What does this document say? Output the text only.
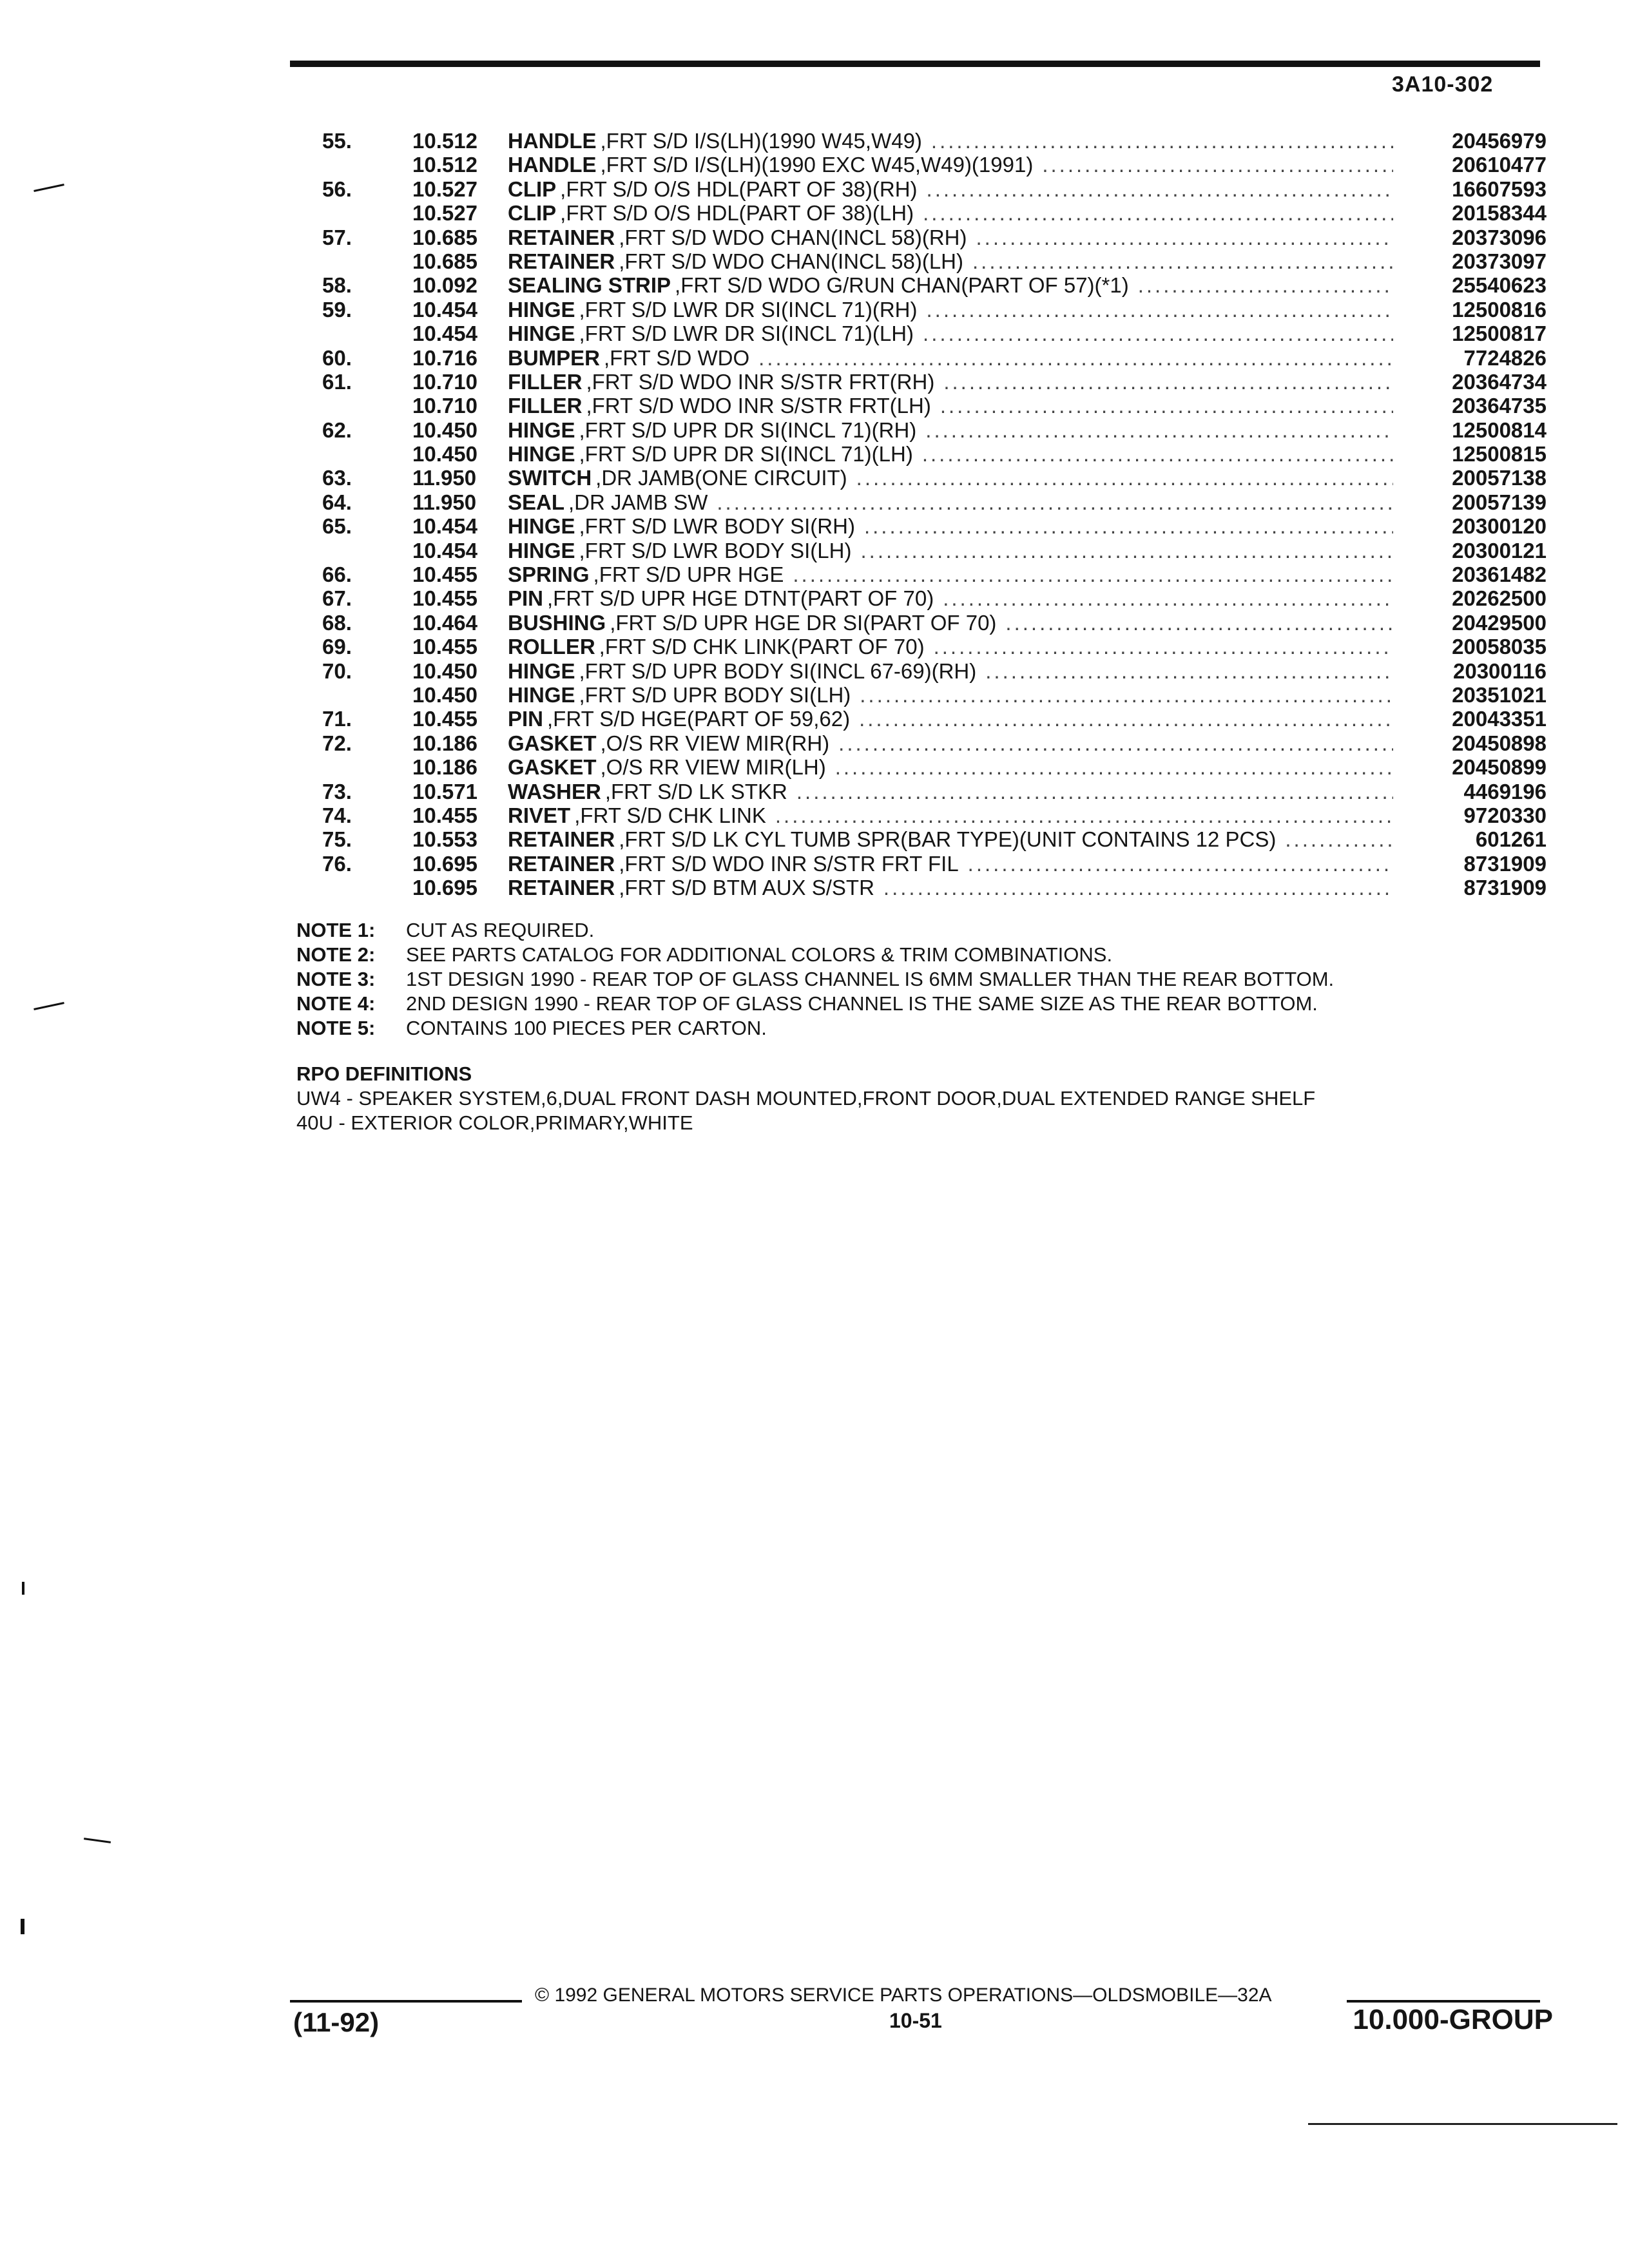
3A10-302
55.	10.512	HANDLE ,FRT S/D I/S(LH)(1990 W45,W49) .....	20456979
10.512	HANDLE ,FRT S/D I/S(LH)(1990 EXC W45,W49)(1991) .....	20610477
56.	10.527	CLIP ,FRT S/D O/S HDL(PART OF 38)(RH) .....	16607593
10.527	CLIP ,FRT S/D O/S HDL(PART OF 38)(LH) .....	20158344
57.	10.685	RETAINER ,FRT S/D WDO CHAN(INCL 58)(RH) .....	20373096
10.685	RETAINER ,FRT S/D WDO CHAN(INCL 58)(LH) .....	20373097
58.	10.092	SEALING STRIP ,FRT S/D WDO G/RUN CHAN(PART OF 57)(*1) .....	25540623
59.	10.454	HINGE ,FRT S/D LWR DR SI(INCL 71)(RH) .....	12500816
10.454	HINGE ,FRT S/D LWR DR SI(INCL 71)(LH) .....	12500817
60.	10.716	BUMPER ,FRT S/D WDO .....	7724826
61.	10.710	FILLER ,FRT S/D WDO INR S/STR FRT(RH) .....	20364734
10.710	FILLER ,FRT S/D WDO INR S/STR FRT(LH) .....	20364735
62.	10.450	HINGE ,FRT S/D UPR DR SI(INCL 71)(RH) .....	12500814
10.450	HINGE ,FRT S/D UPR DR SI(INCL 71)(LH) .....	12500815
63.	11.950	SWITCH ,DR JAMB(ONE CIRCUIT) .....	20057138
64.	11.950	SEAL ,DR JAMB SW .....	20057139
65.	10.454	HINGE ,FRT S/D LWR BODY SI(RH) .....	20300120
10.454	HINGE ,FRT S/D LWR BODY SI(LH) .....	20300121
66.	10.455	SPRING ,FRT S/D UPR HGE .....	20361482
67.	10.455	PIN ,FRT S/D UPR HGE DTNT(PART OF 70) .....	20262500
68.	10.464	BUSHING ,FRT S/D UPR HGE DR SI(PART OF 70) .....	20429500
69.	10.455	ROLLER ,FRT S/D CHK LINK(PART OF 70) .....	20058035
70.	10.450	HINGE ,FRT S/D UPR BODY SI(INCL 67-69)(RH) .....	20300116
10.450	HINGE ,FRT S/D UPR BODY SI(LH) .....	20351021
71.	10.455	PIN ,FRT S/D HGE(PART OF 59,62) .....	20043351
72.	10.186	GASKET ,O/S RR VIEW MIR(RH) .....	20450898
10.186	GASKET ,O/S RR VIEW MIR(LH) .....	20450899
73.	10.571	WASHER ,FRT S/D LK STKR .....	4469196
74.	10.455	RIVET ,FRT S/D CHK LINK .....	9720330
75.	10.553	RETAINER ,FRT S/D LK CYL TUMB SPR(BAR TYPE)(UNIT CONTAINS 12 PCS) .....	601261
76.	10.695	RETAINER ,FRT S/D WDO INR S/STR FRT FIL .....	8731909
10.695	RETAINER ,FRT S/D BTM AUX S/STR .....	8731909
NOTE 1:	CUT AS REQUIRED.
NOTE 2:	SEE PARTS CATALOG FOR ADDITIONAL COLORS & TRIM COMBINATIONS.
NOTE 3:	1ST DESIGN 1990 - REAR TOP OF GLASS CHANNEL IS 6MM SMALLER THAN THE REAR BOTTOM.
NOTE 4:	2ND DESIGN 1990 - REAR TOP OF GLASS CHANNEL IS THE SAME SIZE AS THE REAR BOTTOM.
NOTE 5:	CONTAINS 100 PIECES PER CARTON.
RPO DEFINITIONS
UW4 - SPEAKER SYSTEM,6,DUAL FRONT DASH MOUNTED,FRONT DOOR,DUAL EXTENDED RANGE SHELF
40U - EXTERIOR COLOR,PRIMARY,WHITE
© 1992 GENERAL MOTORS SERVICE PARTS OPERATIONS—OLDSMOBILE—32A
(11-92)	10-51	10.000-GROUP
